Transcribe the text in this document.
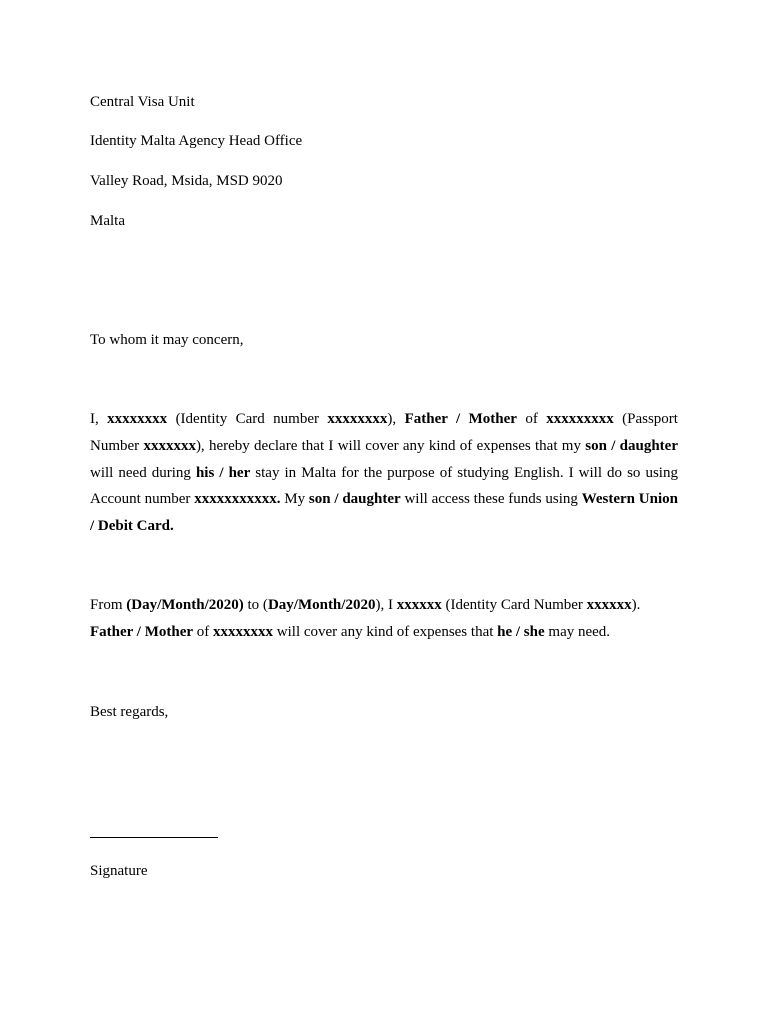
Central Visa Unit
Identity Malta Agency Head Office
Valley Road, Msida, MSD 9020
Malta
To whom it may concern,
I, xxxxxxxx (Identity Card number xxxxxxxx), Father / Mother of xxxxxxxxx (Passport Number xxxxxxx), hereby declare that I will cover any kind of expenses that my son / daughter will need during his / her stay in Malta for the purpose of studying English. I will do so using Account number xxxxxxxxxxx. My son / daughter will access these funds using Western Union / Debit Card.
From (Day/Month/2020) to (Day/Month/2020), I xxxxxx (Identity Card Number xxxxxx).
Father / Mother of xxxxxxxx will cover any kind of expenses that he / she may need.
Best regards,
Signature
